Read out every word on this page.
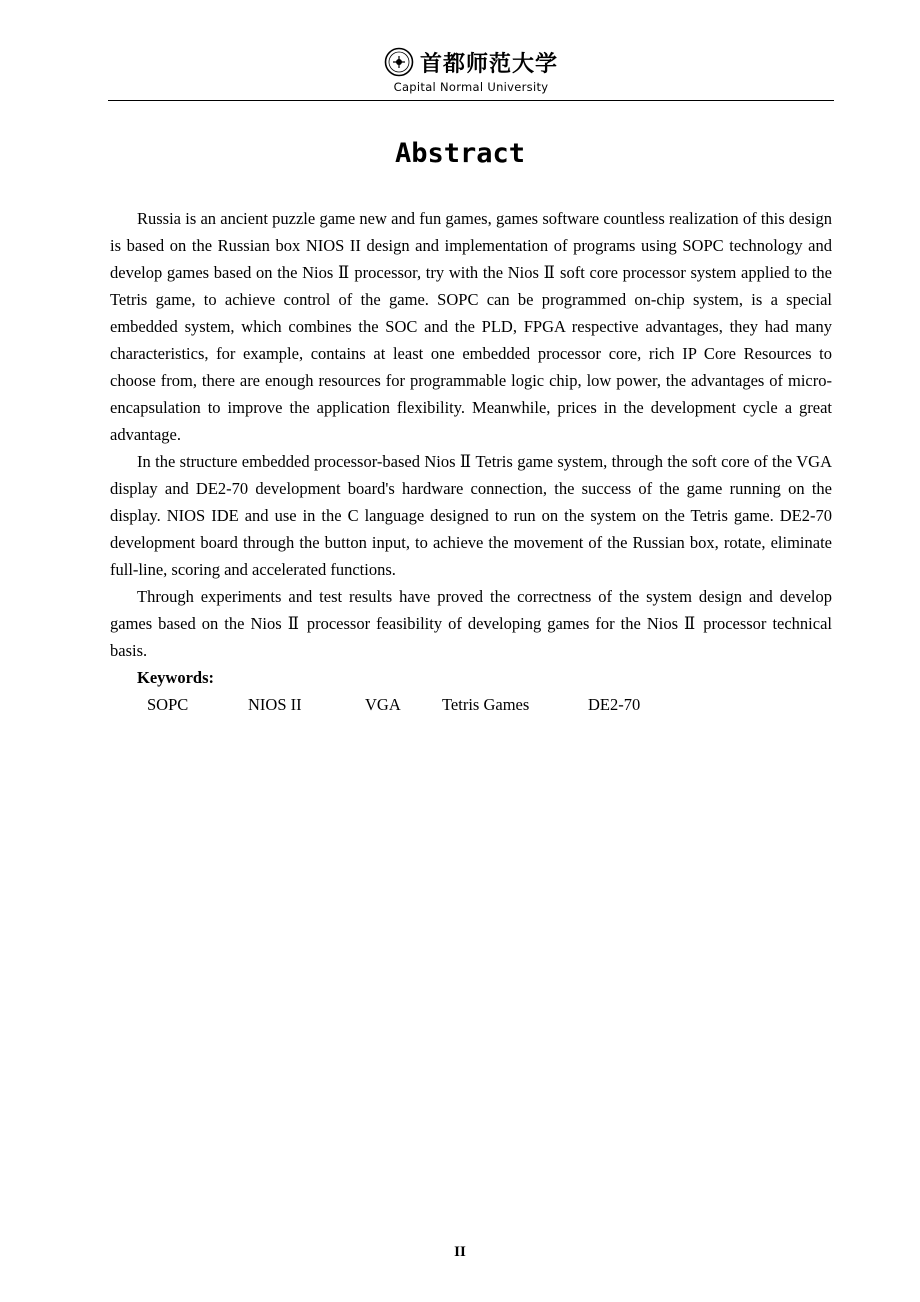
首都师范大学
Capital Normal University
Abstract

Russia is an ancient puzzle game new and fun games, games software countless realization of this design is based on the Russian box NIOS II design and implementation of programs using SOPC technology and develop games based on the Nios Ⅱ processor, try with the Nios Ⅱ soft core processor system applied to the Tetris game, to achieve control of the game. SOPC can be programmed on-chip system, is a special embedded system, which combines the SOC and the PLD, FPGA respective advantages, they had many characteristics, for example, contains at least one embedded processor core, rich IP Core Resources to choose from, there are enough resources for programmable logic chip, low power, the advantages of micro-encapsulation to improve the application flexibility. Meanwhile, prices in the development cycle a great advantage.

In the structure embedded processor-based Nios Ⅱ Tetris game system, through the soft core of the VGA display and DE2-70 development board's hardware connection, the success of the game running on the display. NIOS IDE and use in the C language designed to run on the system on the Tetris game. DE2-70 development board through the button input, to achieve the movement of the Russian box, rotate, eliminate full-line, scoring and accelerated functions.

Through experiments and test results have proved the correctness of the system design and develop games based on the Nios Ⅱ processor feasibility of developing games for the Nios Ⅱ processor technical basis.

Keywords:

SOPC	NIOS II	VGA	Tetris Games	DE2-70
II
